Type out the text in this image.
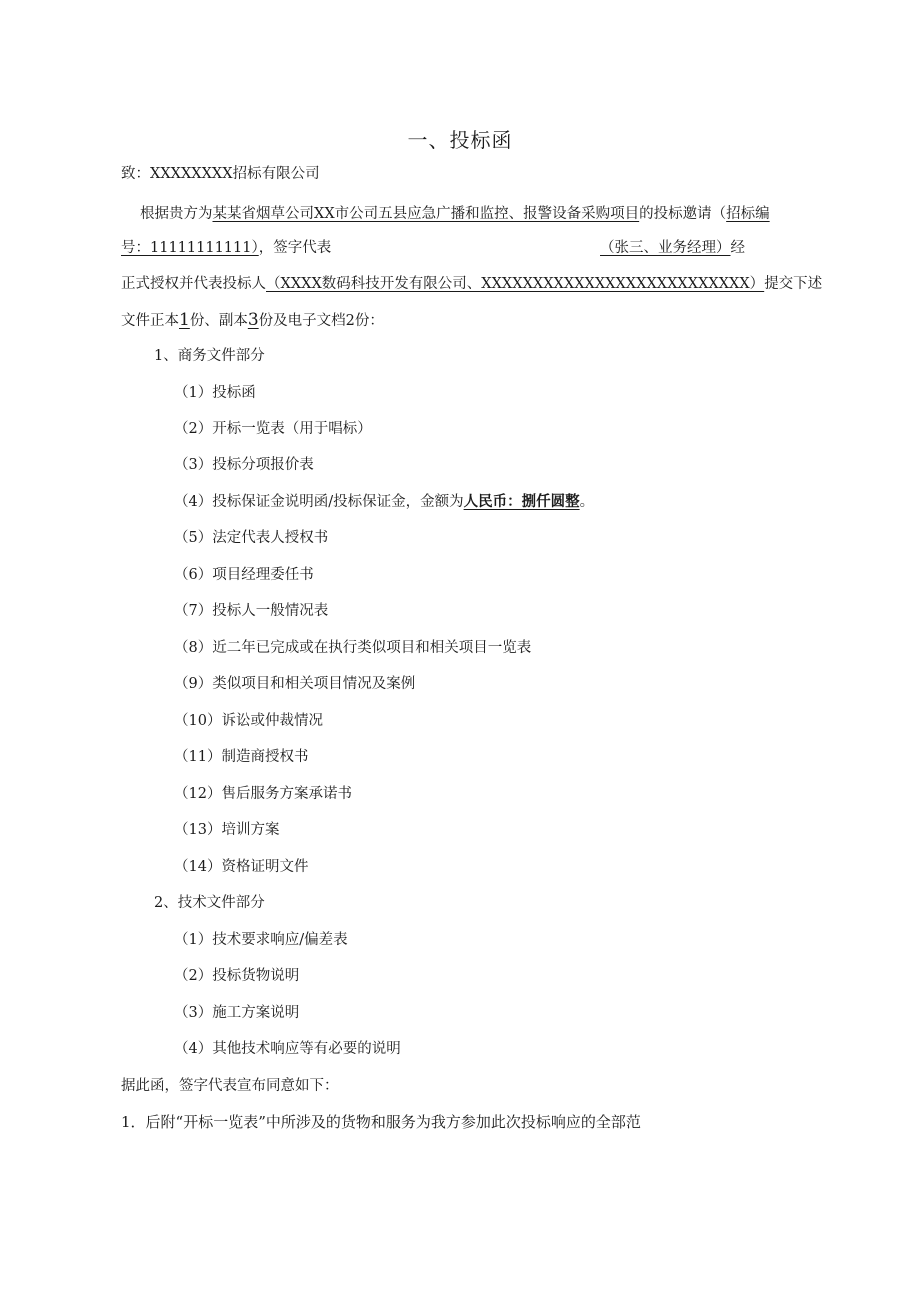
一、投标函
致：XXXXXXXX招标有限公司
根据贵方为某某省烟草公司XX市公司五县应急广播和监控、报警设备采购项目的投标邀请（招标编
号：11111111111），签字代表	（张三、业务经理）经
正式授权并代表投标人（XXXX数码科技开发有限公司、XXXXXXXXXXXXXXXXXXXXXXXXXX）提交下述
文件正本1份、副本3份及电子文档2份：
1、商务文件部分
（1）投标函
（2）开标一览表（用于唱标）
（3）投标分项报价表
（4）投标保证金说明函/投标保证金，金额为人民币：捌仟圆整。
（5）法定代表人授权书
（6）项目经理委任书
（7）投标人一般情况表
（8）近二年已完成或在执行类似项目和相关项目一览表
（9）类似项目和相关项目情况及案例
（10）诉讼或仲裁情况
（11）制造商授权书
（12）售后服务方案承诺书
（13）培训方案
（14）资格证明文件
2、技术文件部分
（1）技术要求响应/偏差表
（2）投标货物说明
（3）施工方案说明
（4）其他技术响应等有必要的说明
据此函，签字代表宣布同意如下：
1．后附“开标一览表”中所涉及的货物和服务为我方参加此次投标响应的全部范
